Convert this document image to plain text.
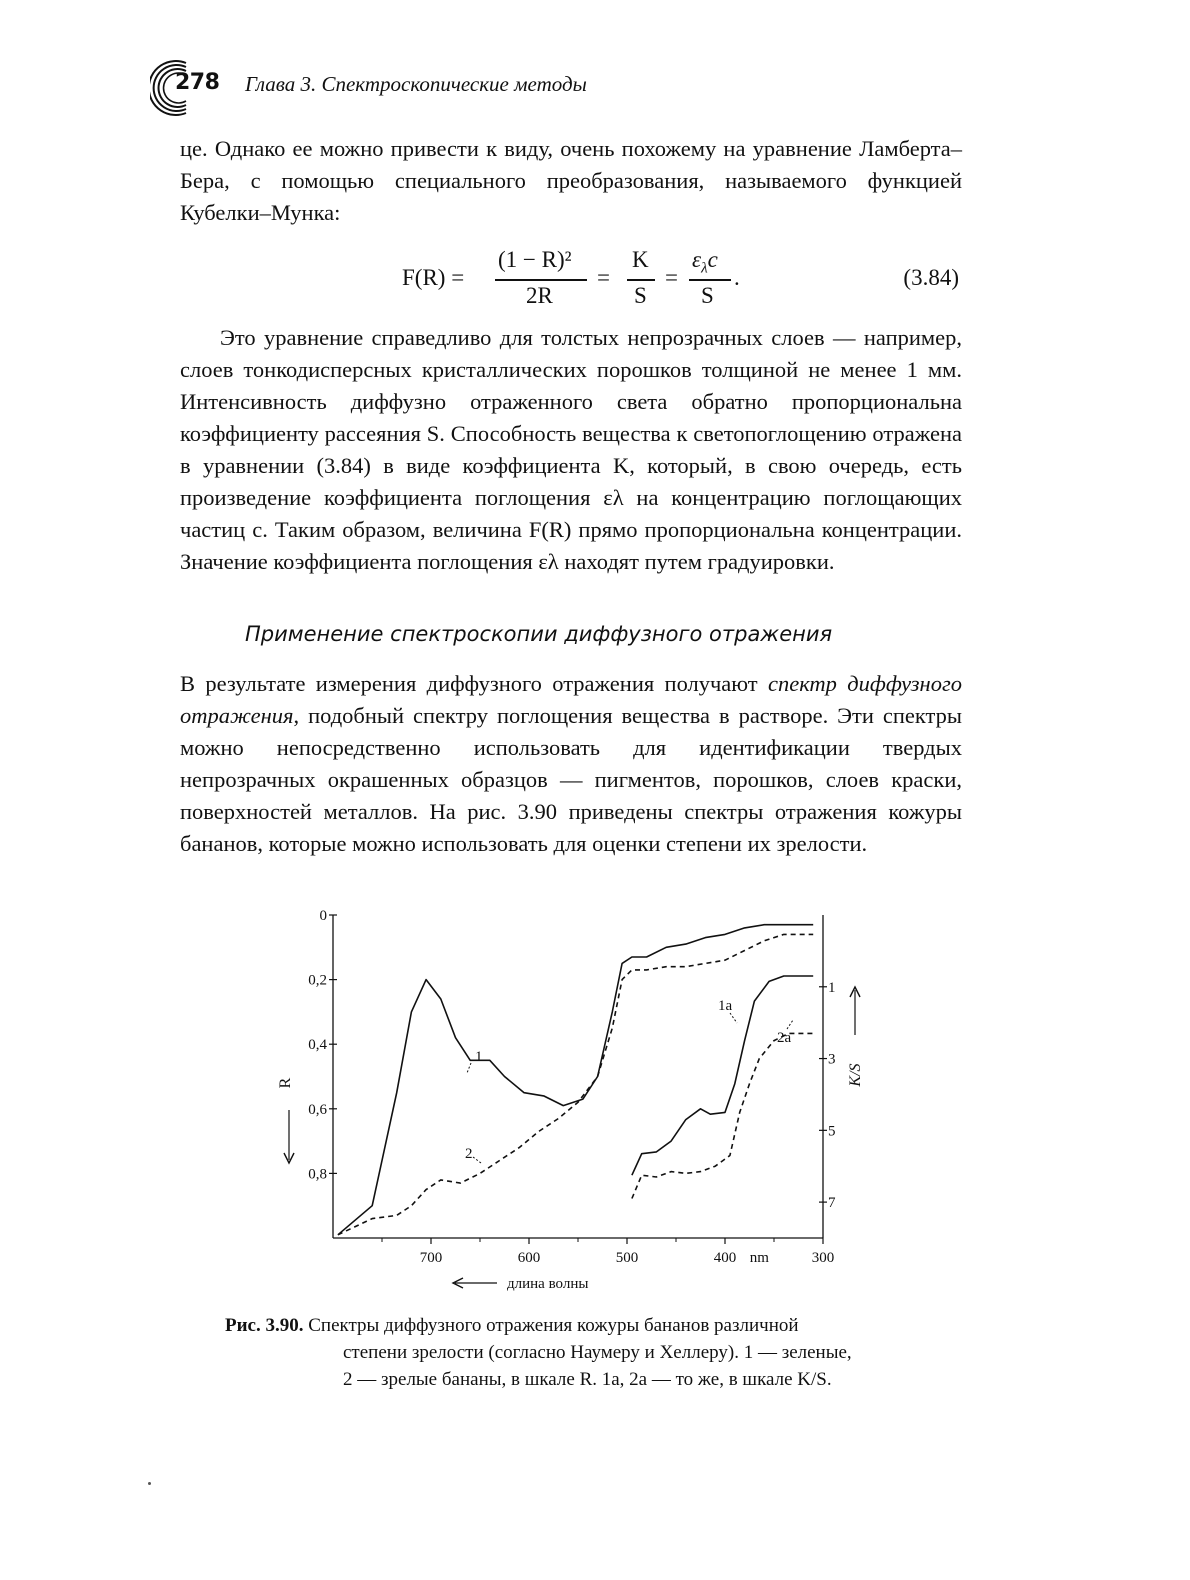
278 Глава 3. Спектроскопические методы

це. Однако ее можно привести к виду, очень похожему на уравнение Ламберта–Бера, с помощью специального преобразования, называемого функцией Кубелки–Мунка:

F(R) =
(1 − R)²
2R
=
K
S
=
$\varepsilon_\lambda c$
S
.	(3.84)

Это уравнение справедливо для толстых непрозрачных слоев — например, слоев тонкодисперсных кристаллических порошков толщиной не менее 1 мм. Интенсивность диффузно отраженного света обратно пропорциональна коэффициенту рассеяния S. Способность вещества к светопоглощению отражена в уравнении (3.84) в виде коэффициента K, который, в свою очередь, есть произведение коэффициента поглощения ελ на концентрацию поглощающих частиц c. Таким образом, величина F(R) прямо пропорциональна концентрации. Значение коэффициента поглощения ελ находят путем градуировки.

Применение спектроскопии диффузного отражения

В результате измерения диффузного отражения получают спектр диффузного отражения, подобный спектру поглощения вещества в растворе. Эти спектры можно непосредственно использовать для идентификации твердых непрозрачных окрашенных образцов — пигментов, порошков, слоев краски, поверхностей металлов. На рис. 3.90 приведены спектры отражения кожуры бананов, которые можно использовать для оценки степени их зрелости.

0
0,2
0,4
0,6
0,8
7
5
3
1
700	600	500	400	300
nm
R	K/S
длина волны
1
2
1a
2a
Рис. 3.90. Спектры диффузного отражения кожуры бананов различной
степени зрелости (согласно Наумеру и Хеллеру). 1 — зеленые,
2 — зрелые бананы, в шкале R. 1a, 2a — то же, в шкале K/S.
